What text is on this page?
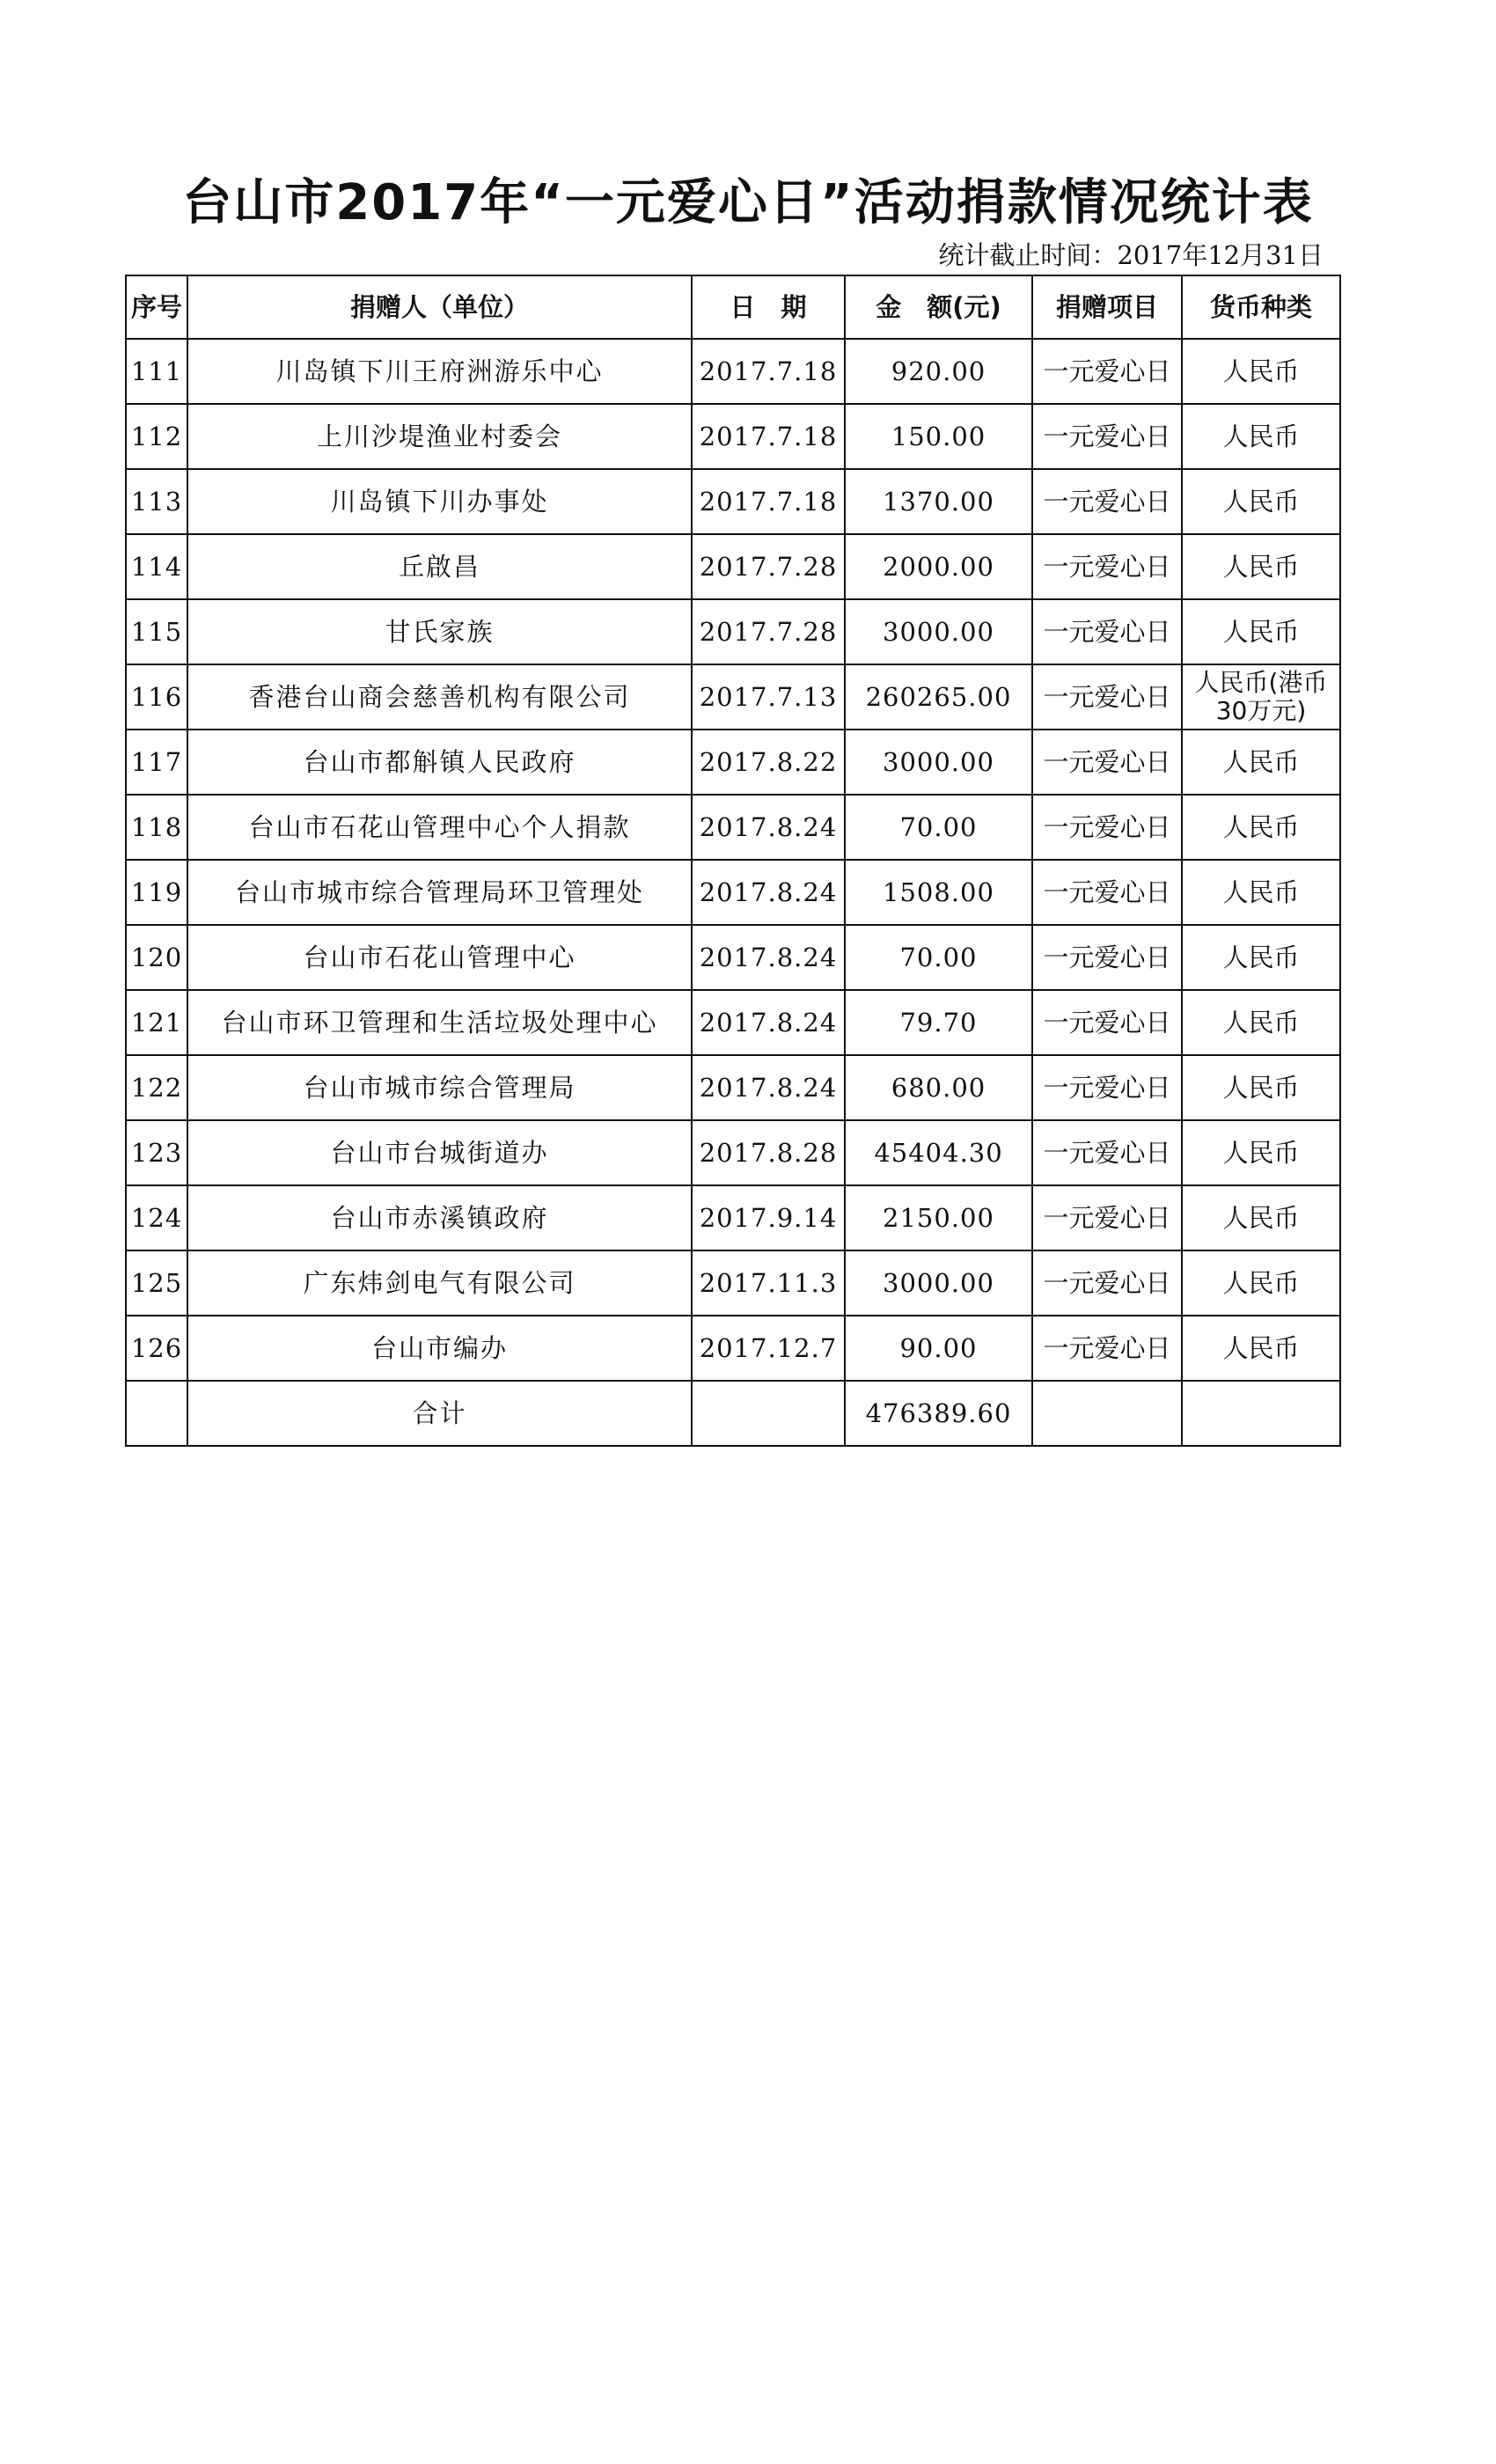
台山市2017年“一元爱心日”活动捐款情况统计表
统计截止时间：2017年12月31日
序号	捐赠人（单位）	日　期	金　额(元)	捐赠项目	货币种类
111	川岛镇下川王府洲游乐中心	2017.7.18	920.00	一元爱心日	人民币
112	上川沙堤渔业村委会	2017.7.18	150.00	一元爱心日	人民币
113	川岛镇下川办事处	2017.7.18	1370.00	一元爱心日	人民币
114	丘啟昌	2017.7.28	2000.00	一元爱心日	人民币
115	甘氏家族	2017.7.28	3000.00	一元爱心日	人民币
116	香港台山商会慈善机构有限公司	2017.7.13	260265.00	一元爱心日	人民币(港币30万元)

117	台山市都斛镇人民政府	2017.8.22	3000.00	一元爱心日	人民币
118	台山市石花山管理中心个人捐款	2017.8.24	70.00	一元爱心日	人民币
119	台山市城市综合管理局环卫管理处	2017.8.24	1508.00	一元爱心日	人民币
120	台山市石花山管理中心	2017.8.24	70.00	一元爱心日	人民币
121	台山市环卫管理和生活垃圾处理中心	2017.8.24	79.70	一元爱心日	人民币
122	台山市城市综合管理局	2017.8.24	680.00	一元爱心日	人民币
123	台山市台城街道办	2017.8.28	45404.30	一元爱心日	人民币
124	台山市赤溪镇政府	2017.9.14	2150.00	一元爱心日	人民币
125	广东炜剑电气有限公司	2017.11.3	3000.00	一元爱心日	人民币
126	台山市编办	2017.12.7	90.00	一元爱心日	人民币
	合计		476389.60		
